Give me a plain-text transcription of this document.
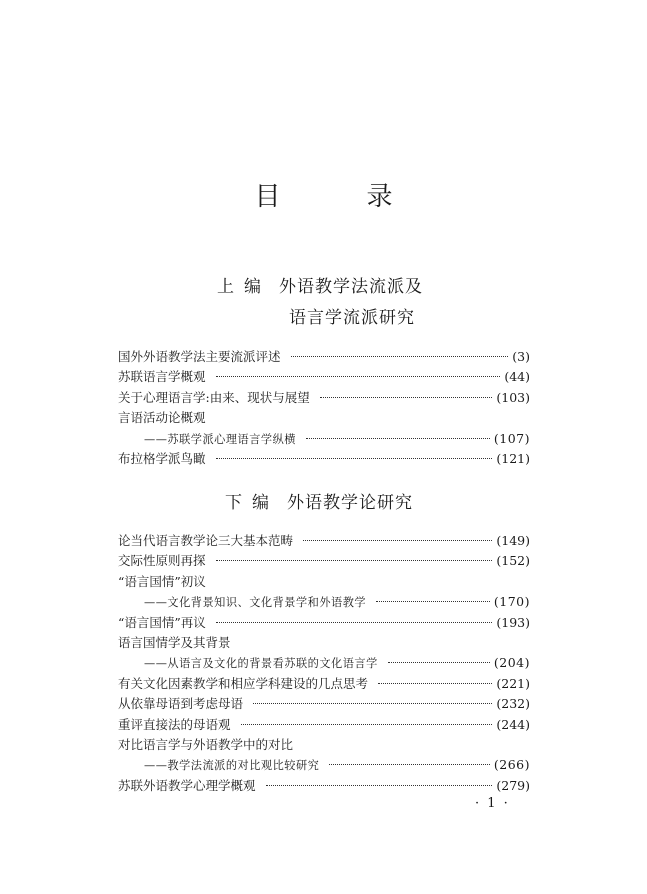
目　录
上编 外语教学法流派及
语言学流派研究
国外外语教学法主要流派评述	(3)
苏联语言学概观	(44)
关于心理语言学:由来、现状与展望	(103)
言语活动论概观
——苏联学派心理语言学纵横	(107)
布拉格学派鸟瞰	(121)
下编 外语教学论研究
论当代语言教学论三大基本范畴	(149)
交际性原则再探	(152)
“语言国情”初议
——文化背景知识、文化背景学和外语教学	(170)
“语言国情”再议	(193)
语言国情学及其背景
——从语言及文化的背景看苏联的文化语言学	(204)
有关文化因素教学和相应学科建设的几点思考	(221)
从依靠母语到考虑母语	(232)
重评直接法的母语观	(244)
对比语言学与外语教学中的对比
——教学法流派的对比观比较研究	(266)
苏联外语教学心理学概观	(279)
· 1 ·
